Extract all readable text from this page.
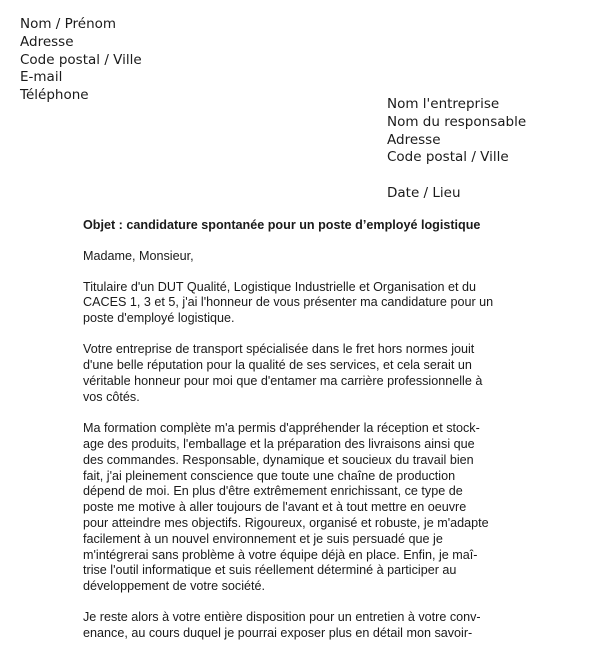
Nom / Prénom
Adresse
Code postal / Ville
E-mail
Téléphone
Nom l'entreprise
Nom du responsable
Adresse
Code postal / Ville
Date / Lieu
Objet : candidature spontanée pour un poste d’employé logistique
Madame, Monsieur,
Titulaire d'un DUT Qualité, Logistique Industrielle et Organisation et du
CACES 1, 3 et 5, j'ai l'honneur de vous présenter ma candidature pour un
poste d'employé logistique.
Votre entreprise de transport spécialisée dans le fret hors normes jouit
d'une belle réputation pour la qualité de ses services, et cela serait un
véritable honneur pour moi que d'entamer ma carrière professionnelle à
vos côtés.
Ma formation complète m'a permis d'appréhender la réception et stock-
age des produits, l'emballage et la préparation des livraisons ainsi que
des commandes. Responsable, dynamique et soucieux du travail bien
fait, j'ai pleinement conscience que toute une chaîne de production
dépend de moi. En plus d'être extrêmement enrichissant, ce type de
poste me motive à aller toujours de l'avant et à tout mettre en oeuvre
pour atteindre mes objectifs. Rigoureux, organisé et robuste, je m'adapte
facilement à un nouvel environnement et je suis persuadé que je
m'intégrerai sans problème à votre équipe déjà en place. Enfin, je maî-
trise l'outil informatique et suis réellement déterminé à participer au
développement de votre société.
Je reste alors à votre entière disposition pour un entretien à votre conv-
enance, au cours duquel je pourrai exposer plus en détail mon savoir-
